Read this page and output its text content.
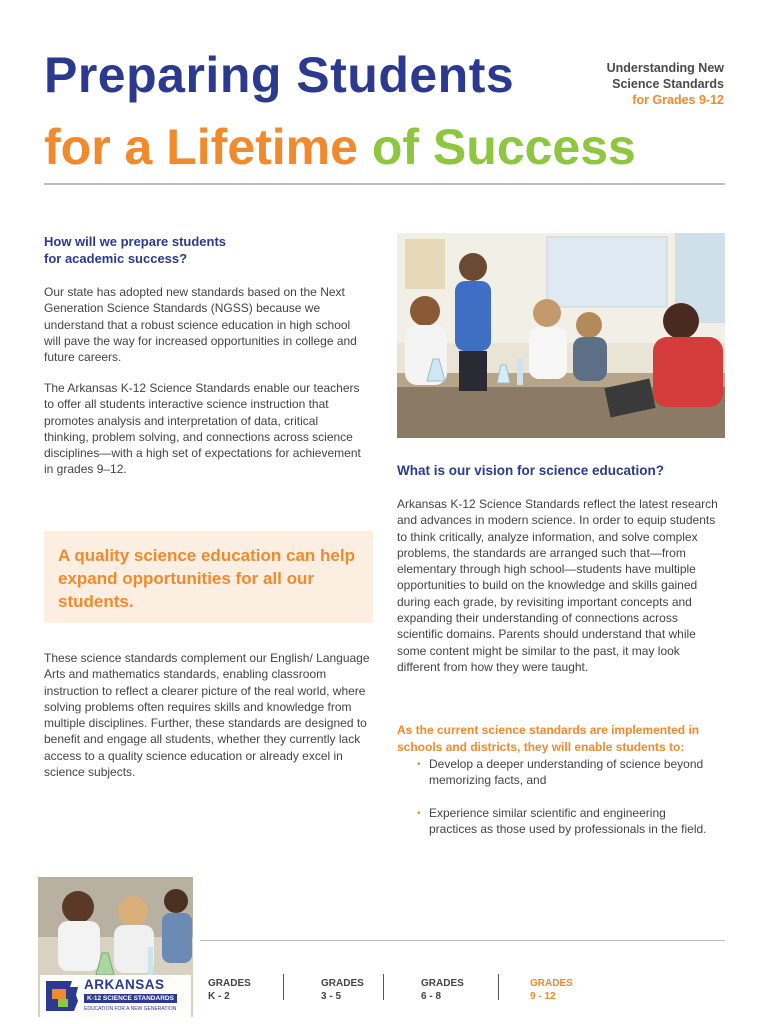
Preparing Students
for a Lifetime of Success
Understanding New
Science Standards
for Grades 9-12
How will we prepare students
for academic success?

Our state has adopted new standards based on the Next Generation Science Standards (NGSS) because we understand that a robust science education in high school will pave the way for increased opportunities in college and future careers.

The Arkansas K-12 Science Standards enable our teachers to offer all students interactive science instruction that promotes analysis and interpretation of data, critical thinking, problem solving, and connections across science disciplines—with a high set of expectations for achievement in grades 9–12.

A quality science education can help expand opportunities for all our students.

These science standards complement our English/ Language Arts and mathematics standards, enabling classroom instruction to reflect a clearer picture of the real world, where solving problems often requires skills and knowledge from multiple disciplines. Further, these standards are designed to benefit and engage all students, whether they currently lack access to a quality science education or already excel in science subjects.

What is our vision for science education?

Arkansas K-12 Science Standards reflect the latest research and advances in modern science. In order to equip students to think critically, analyze information, and solve complex problems, the standards are arranged such that—from elementary through high school—students have multiple opportunities to build on the knowledge and skills gained during each grade, by revisiting important concepts and expanding their understanding of connections across scientific domains. Parents should understand that while some content might be similar to the past, it may look different from how they were taught.

As the current science standards are implemented in schools and districts, they will enable students to:
• Develop a deeper understanding of science beyond memorizing facts, and
• Experience similar scientific and engineering practices as those used by professionals in the field.
ARKANSAS
K-12 SCIENCE STANDARDS
EDUCATION FOR A NEW GENERATION
GRADES
K - 2
GRADES
3 - 5
GRADES
6 - 8
GRADES
9 - 12
